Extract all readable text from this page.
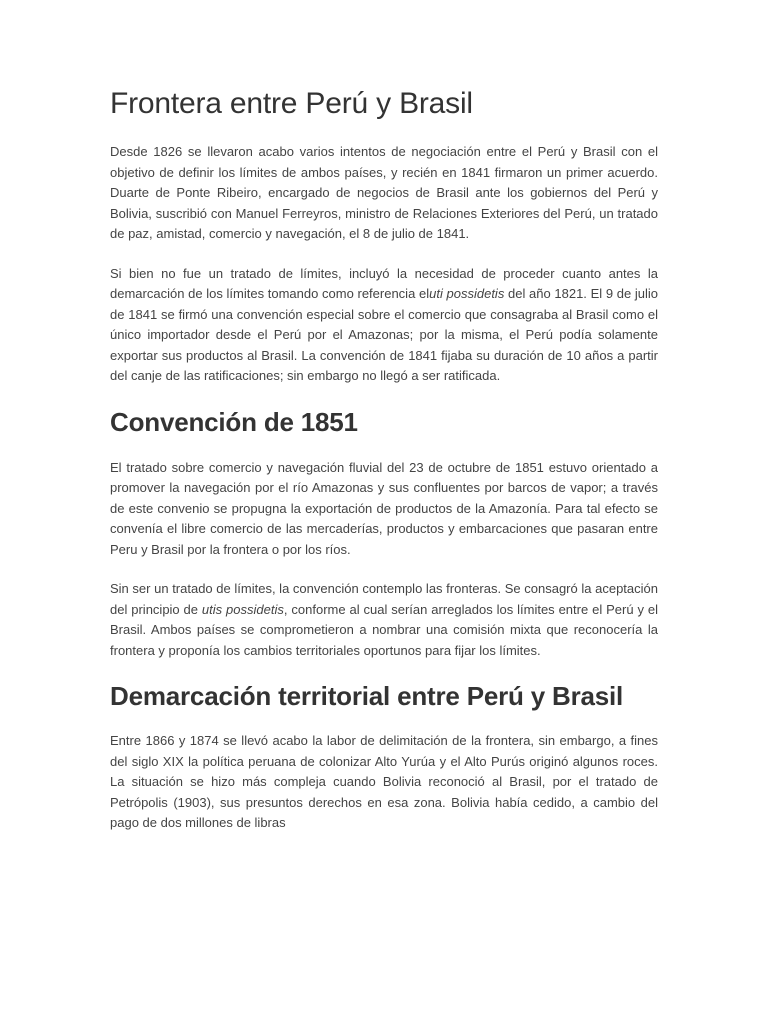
Frontera entre Perú y Brasil

Desde 1826 se llevaron acabo varios intentos de negociación entre el Perú y Brasil con el objetivo de definir los límites de ambos países, y recién en 1841 firmaron un primer acuerdo. Duarte de Ponte Ribeiro, encargado de negocios de Brasil ante los gobiernos del Perú y Bolivia, suscribió con Manuel Ferreyros, ministro de Relaciones Exteriores del Perú, un tratado de paz, amistad, comercio y navegación, el 8 de julio de 1841.

Si bien no fue un tratado de límites, incluyó la necesidad de proceder cuanto antes la demarcación de los límites tomando como referencia eluti possidetis del año 1821. El 9 de julio de 1841 se firmó una convención especial sobre el comercio que consagraba al Brasil como el único importador desde el Perú por el Amazonas; por la misma, el Perú podía solamente exportar sus productos al Brasil. La convención de 1841 fijaba su duración de 10 años a partir del canje de las ratificaciones; sin embargo no llegó a ser ratificada.

Convención de 1851

El tratado sobre comercio y navegación fluvial del 23 de octubre de 1851 estuvo orientado a promover la navegación por el río Amazonas y sus confluentes por barcos de vapor; a través de este convenio se propugna la exportación de productos de la Amazonía. Para tal efecto se convenía el libre comercio de las mercaderías, productos y embarcaciones que pasaran entre Peru y Brasil por la frontera o por los ríos.

Sin ser un tratado de límites, la convención contemplo las fronteras. Se consagró la aceptación del principio de utis possidetis, conforme al cual serían arreglados los límites entre el Perú y el Brasil. Ambos países se comprometieron a nombrar una comisión mixta que reconocería la frontera y proponía los cambios territoriales oportunos para fijar los límites.

Demarcación territorial entre Perú y Brasil

Entre 1866 y 1874 se llevó acabo la labor de delimitación de la frontera, sin embargo, a fines del siglo XIX la política peruana de colonizar Alto Yurúa y el Alto Purús originó algunos roces. La situación se hizo más compleja cuando Bolivia reconoció al Brasil, por el tratado de Petrópolis (1903), sus presuntos derechos en esa zona. Bolivia había cedido, a cambio del pago de dos millones de libras
